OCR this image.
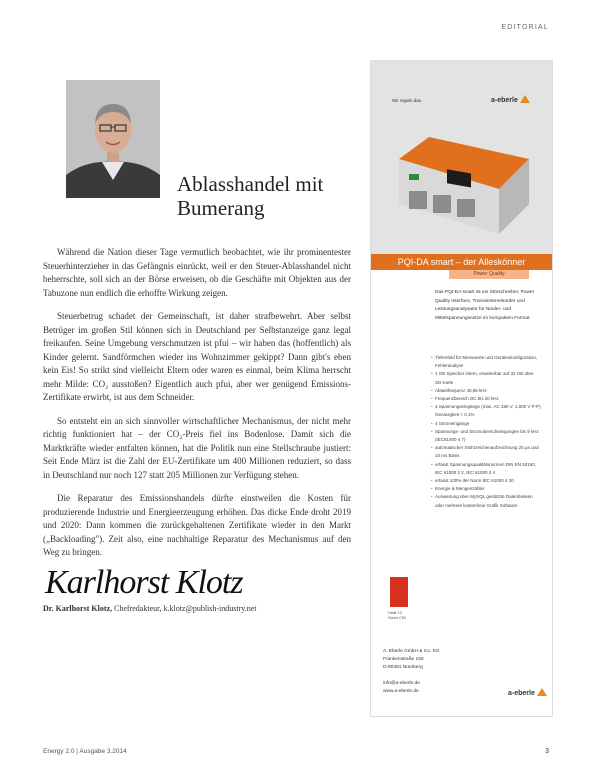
EDITORIAL
Ablasshandel mit
Bumerang

Während die Nation dieser Tage vermutlich beobachtet, wie ihr prominentester Steuerhinterzieher in das Gefängnis einrückt, weil er den Steuer-Ablasshandel nicht beherrschte, soll sich an der Börse erweisen, ob die Geschäfte mit Objekten aus der Tabuzone nun endlich die erhoffte Wirkung zeigen.

Steuerbetrug schadet der Gemeinschaft, ist daher strafbewehrt. Aber selbst Betrüger im großen Stil können sich in Deutschland per Selbstanzeige ganz legal freikaufen. Seine Umgebung verschmutzen ist pfui – wir haben das (hoffentlich) als Kinder gelernt. Sandförmchen wieder ins Wohnzimmer gekippt? Dann gibt's eben kein Eis! So strikt sind vielleicht Eltern oder waren es einmal, beim Klima herrscht mehr Milde: CO₂ ausstoßen? Eigentlich auch pfui, aber wer genügend Emissions-Zertifikate erwirbt, ist aus dem Schneider.

So entsteht ein an sich sinnvoller wirtschaftlicher Mechanismus, der nicht mehr richtig funktioniert hat – der CO₂-Preis fiel ins Bodenlose. Damit sich die Marktkräfte wieder entfalten können, hat die Politik nun eine Stellschraube justiert: Seit Ende März ist die Zahl der EU-Zertifikate um 400 Millionen reduziert, so dass in Deutschland nur noch 127 statt 205 Millionen zur Verfügung stehen.

Die Reparatur des Emissionshandels dürfte einstweilen die Kosten für produzierende Industrie und Energieerzeugung erhöhen. Das dicke Ende droht 2019 und 2020: Dann kommen die zurückgehaltenen Zertifikate wieder in den Markt („Backloading"). Zeit also, eine nachhaltige Reparatur des Mechanismus auf den Weg zu bringen.

Karlhorst Klotz
Dr. Karlhorst Klotz, Chefredakteur, k.klotz@publish-industry.net
Wir regeln das.	a-eberle
PQI-DA smart – der Alleskönner
Power Quality
Das PQI-DA smart ist ein Störschreiber, Power Quality Interface, Transientenrekorder und Leistungsanalysator für Nieder- und Mittelspannungsnetze im kompakten Format.
• Tiefenfeld für Messwerte und Geräteskonfiguration, Fehleranalyse
• 1 GB Speicher intern, erweiterbar auf 32 GB über SD Karte
• Abtastfrequenz 40,96 kHz
• Frequenzbereich DC bis 20 kHz
• 4 Spannungseingänge (max. AC 480 V, 1.000 V P-P) Genauigkeit < 0,1%
• 4 Stromeingänge
• Spannungs- und Stromoberschwingungen bis 9 kHz (IEC61000 4 7)
• automatischer Stöhrzeichenaufzeichnung 25 µs und 10 ms Basis
• erfasst Spannungsqualitätsnormen DIN EN 50160, IEC 61000 2 2, IEC 61000 2 4
• erfasst 100% der Norm IEC 61000 4 30
• Energie & Mengenzähler
• Auswertung über MySQL gestützte Datenbanken oder mehrere kostenfreie Grafik Software
Halle 13
Stand C60
A. Eberle GmbH & Co. KG
Frankenstraße 160
D-90461 Nürnberg
info@a-eberle.de
www.a-eberle.de	a-eberle
Energy 2.0 | Ausgabe 3.2014	3
